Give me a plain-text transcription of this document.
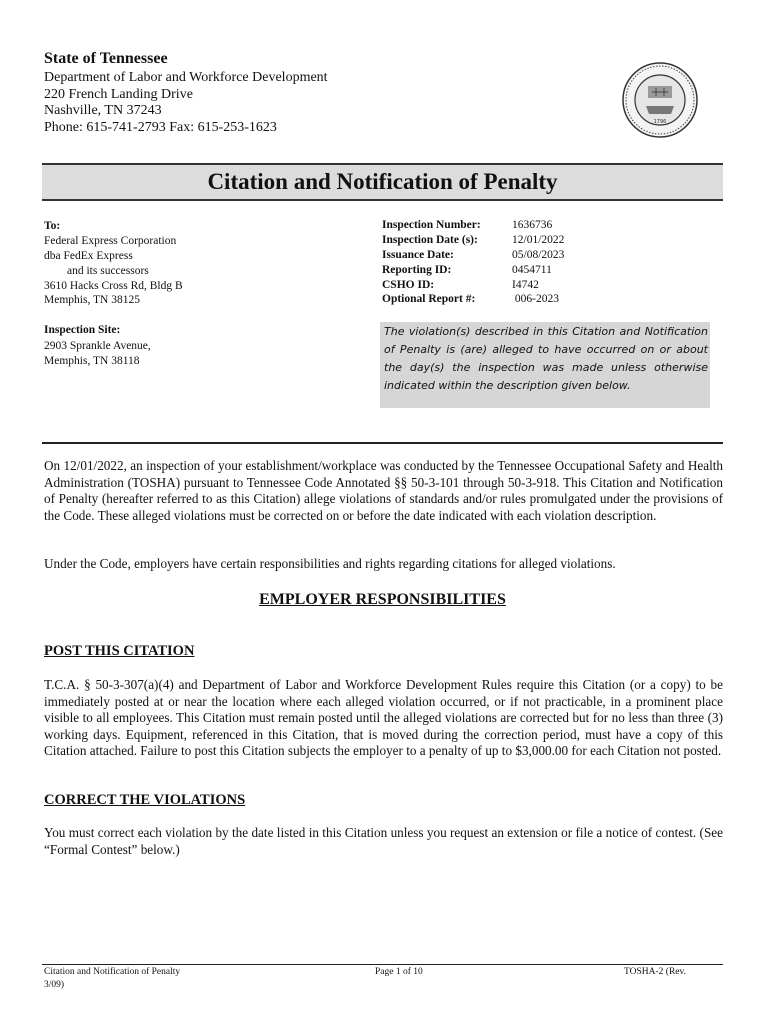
State of Tennessee
Department of Labor and Workforce Development
220 French Landing Drive
Nashville, TN 37243
Phone: 615-741-2793 Fax: 615-253-1623	1796
Citation and Notification of Penalty
To:
Federal Express Corporation
dba FedEx Express
and its successors
3610 Hacks Cross Rd, Bldg B
Memphis, TN 38125
Inspection Site:
2903 Sprankle Avenue,
Memphis, TN 38118
Inspection Number:	1636736
Inspection Date (s):	12/01/2022
Issuance Date:	05/08/2023
Reporting ID:	0454711
CSHO ID:	I4742
Optional Report #:	006-2023
The violation(s) described in this Citation and Notification of Penalty is (are) alleged to have occurred on or about the day(s) the inspection was made unless otherwise indicated within the description given below.
On 12/01/2022, an inspection of your establishment/workplace was conducted by the Tennessee Occupational Safety and Health Administration (TOSHA) pursuant to Tennessee Code Annotated §§ 50-3-101 through 50-3-918. This Citation and Notification of Penalty (hereafter referred to as this Citation) allege violations of standards and/or rules promulgated under the provisions of the Code. These alleged violations must be corrected on or before the date indicated with each violation description.
Under the Code, employers have certain responsibilities and rights regarding citations for alleged violations.
EMPLOYER RESPONSIBILITIES
POST THIS CITATION
T.C.A. § 50-3-307(a)(4) and Department of Labor and Workforce Development Rules require this Citation (or a copy) to be immediately posted at or near the location where each alleged violation occurred, or if not practicable, in a prominent place visible to all employees. This Citation must remain posted until the alleged violations are corrected but for no less than three (3) working days. Equipment, referenced in this Citation, that is moved during the correction period, must have a copy of this Citation attached. Failure to post this Citation subjects the employer to a penalty of up to $3,000.00 for each Citation not posted.
CORRECT THE VIOLATIONS
You must correct each violation by the date listed in this Citation unless you request an extension or file a notice of contest. (See “Formal Contest” below.)
Citation and Notification of Penalty
3/09)
Page 1 of 10	TOSHA-2 (Rev.
